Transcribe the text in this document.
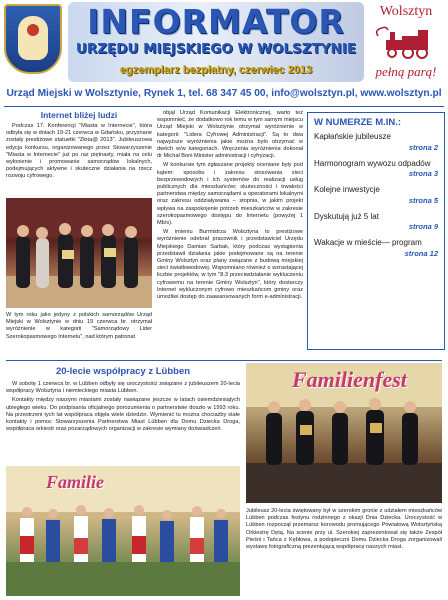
INFORMATOR
URZĘDU MIEJSKIEGO W WOLSZTYNIE
egzemplarz bezpłatny, czerwiec 2013
Wolsztyn
pełną parą!
Urząd Miejski w Wolsztynie, Rynek 1, tel. 68 347 45 00, info@wolsztyn.pl, www.wolsztyn.pl
Internet bliżej ludzi

Podczas 17. Konferencji "Miasta w Internecie", która odbyła się w dniach 19-21 czerwca w Gdańsku, przyznane zostały prestiżowe statuetki "Złota@ 2013". Jubileuszowa edycja konkursu, organizowanego przez Stowarzyszenie "Miasta w Internecie" już po raz piętnasty, miała na celu wyłonienie i promowanie samorządów lokalnych, podejmujących aktywne i skuteczne działania na rzecz rozwoju cyfrowego.

W tym roku jako jedyny z polskich samorządów Urząd Miejski w Wolsztynie w dniu 19 czerwca br. otrzymał wyróżnienie w kategorii "Samorządowy Lider Szerokopasmowego Internetu", nad którym patronat

objął Urząd Komunikacji Elektronicznej, warto też wspomnieć, że dodatkowo rok temu w tym samym miejscu Urząd Miejski w Wolsztynie otrzymał wyróżnienie w kategorii: "Lidera Cyfrowej Administracji". Są to dwa najwyższe wyróżnienia jakie można było otrzymać w dwóch w/w kategoriach. Wręczenia wyróżnienia dokonał dr Michał Boni Minister administracji i cyfryzacji.

W konkursie tym zgłaszane projekty oceniane były pod kątem: sposobu i zakresu stosowania sieci bezprzewodowych i ich systemów do realizacji usług publicznych dla mieszkańców; skuteczności i trwałości partnerstwa między samorządami a operatorami lokalnymi oraz zakresu oddziaływania – stopnia, w jakim projekt wpływa na zaspokojenie potrzeb mieszkańców w zakresie szerokopasmowego dostępu do Internetu (powyżej 1 Mb/s).

W imieniu Burmistrza Wolsztyna to prestiżowe wyróżnienie odebrał pracownik i przedstawiciel Urzędu Miejskiego Damian Sarbak, który podczas wystąpienia przedstawił działania jakie podejmowane są na terenie Gminy Wolsztyn oraz plany związane z budową miejskiej sieci światłowodowej. Wspomniano również o wzrastającej liczbie projektów, w tym "8.3 przeciwdziałanie wykluczeniu cyfrowemu na terenie Gminy Wolsztyn", który dostarczy Internet wykluczonym cyfrowo mieszkańcom gminy oraz umożliwi dostęp do zaawansowanych form e-administracji.

W NUMERZE M.IN.:
Kapłańskie jubileusze
strona 2
Harmonogram wywozu odpadów
strona 3
Kolejne inwestycje
strona 5
Dyskutują już 5 lat
strona 9
Wakacje w mieście— program
strona 12
20-lecie współpracy z Lübben

W sobotę 1 czerwca br. w Lübben odbyły się uroczystości związane z jubileuszem 20-lecia współpracy Wolsztyna i niemieckiego miasta Lübben.

Kontakty między naszymi miastami zostały nawiązane jeszcze w latach osiemdziesiątych ubiegłego wieku. Do podpisania oficjalnego porozumienia o partnerstwie doszło w 1993 roku. Na przestrzeni tych lat współpraca objęła wiele dziedzin. Wymienić tu można chociażby stałe kontakty i pomoc Stowarzyszenia Partnerstwa Miast Lübben dla Domu Dziecka Droga, współpraca orkiestr oraz pozarządowych organizacji w zakresie wymiany doświadczeń.

Familienfest
Familie
Jubileusz 20-lecia świętowany był w szerokim gronie z udziałem mieszkańców Lübben podczas festynu rodzinnego z okazji Dnia Dziecka. Uroczystość w Lübben rozpoczął przemarsz korowodu promującego Powiatową Wolsztyńską Orkiestrę Dętą. Na scenie przy ul. Szerokiej zaprezentował się także Zespół Pieśni i Tańca z Kębłowa, a podopieczni Domu Dziecka Droga zorganizowali wystawę fotograficzną prezentującą współpracę naszych miast.
